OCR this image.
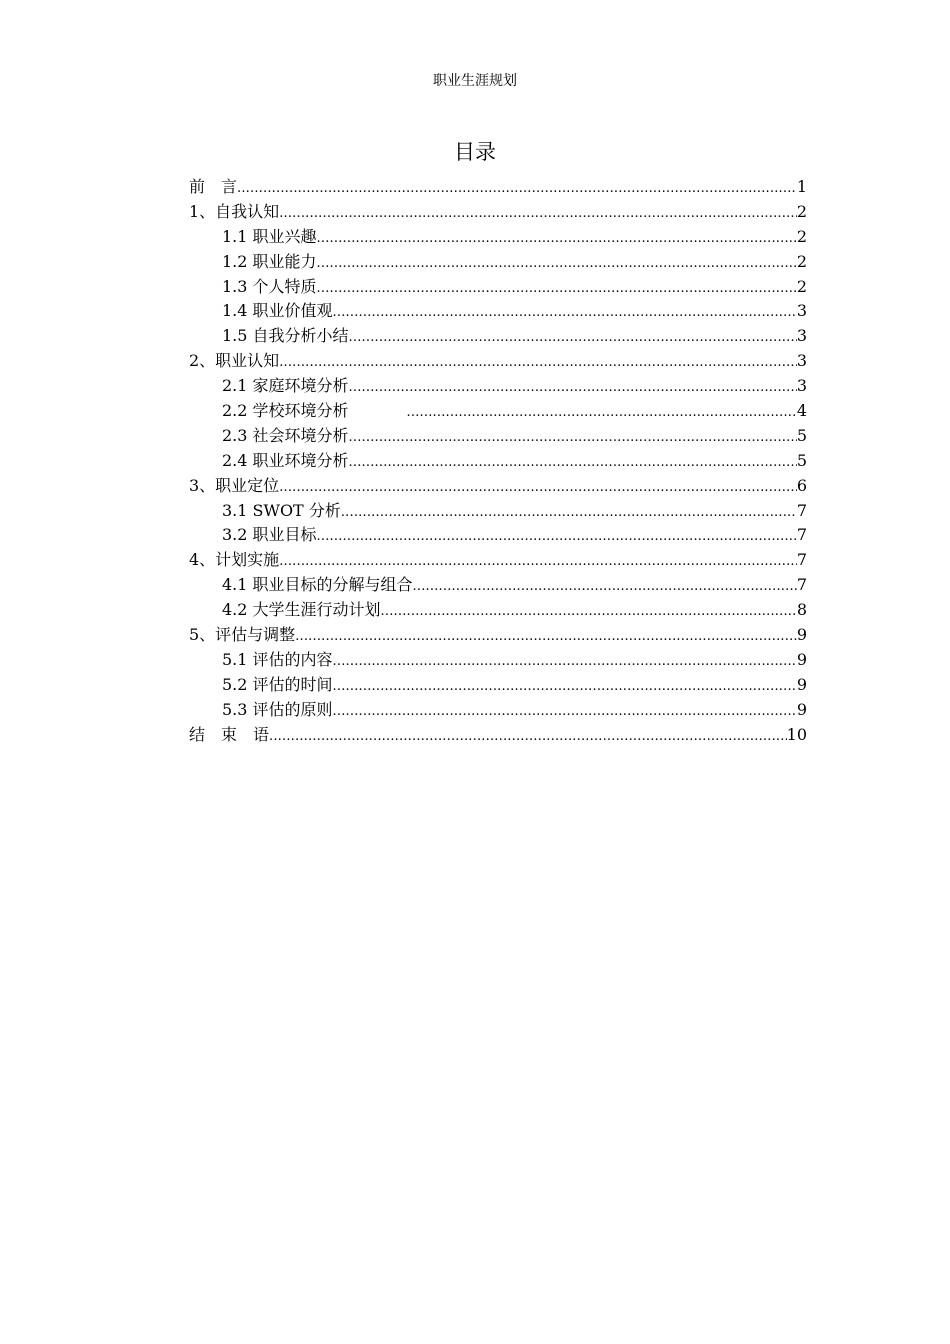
职业生涯规划
目录
前　言 .....	1
1、自我认知 .....	2
1.1 职业兴趣 .....	2
1.2 职业能力 .....	2
1.3 个人特质 .....	2
1.4 职业价值观 .....	3
1.5 自我分析小结 .....	3
2、职业认知 .....	3
2.1 家庭环境分析 .....	3
2.2 学校环境分析 .....	4
2.3 社会环境分析 .....	5
2.4 职业环境分析 .....	5
3、职业定位 .....	6
3.1 SWOT 分析 .....	7
3.2 职业目标 .....	7
4、计划实施 .....	7
4.1 职业目标的分解与组合 .....	7
4.2 大学生涯行动计划 .....	8
5、评估与调整 .....	9
5.1 评估的内容 .....	9
5.2 评估的时间 .....	9
5.3 评估的原则 .....	9
结　束　语 .....	10
